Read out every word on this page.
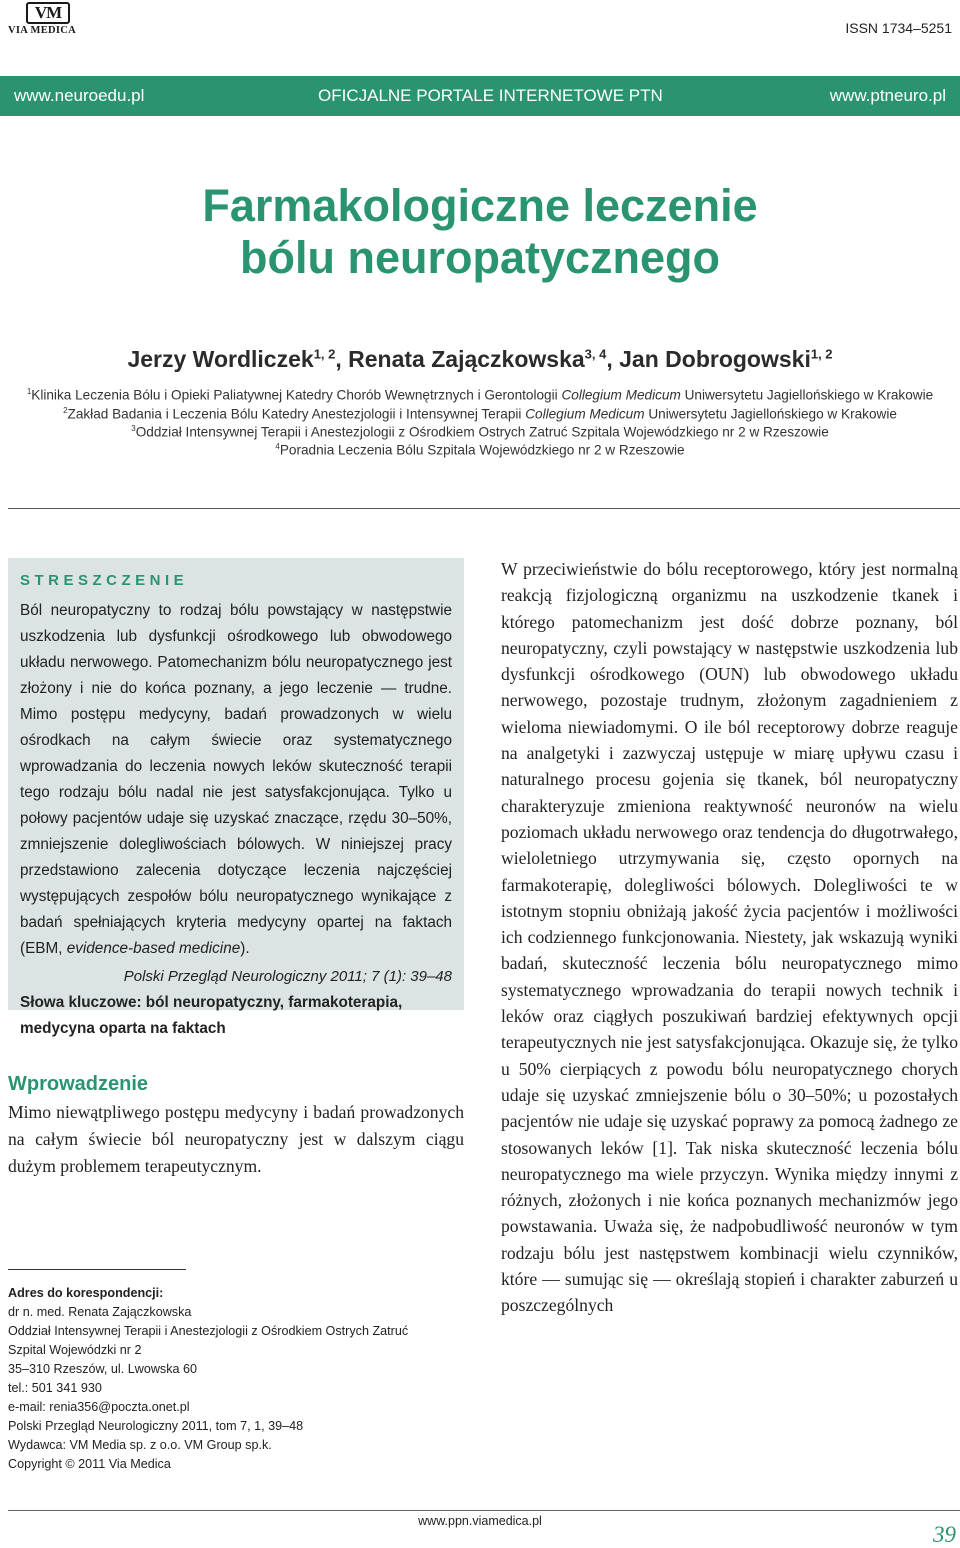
VM
VIA MEDICA	ISSN 1734–5251
www.neuroedu.pl	OFICJALNE PORTALE INTERNETOWE PTN	www.ptneuro.pl
Farmakologiczne leczenie
bólu neuropatycznego
Jerzy Wordliczek$^{1, 2}$, Renata Zajączkowska$^{3, 4}$, Jan Dobrogowski$^{1, 2}$
$^1$Klinika Leczenia Bólu i Opieki Paliatywnej Katedry Chorób Wewnętrznych i Gerontologii Collegium Medicum Uniwersytetu Jagiellońskiego w Krakowie
$^2$Zakład Badania i Leczenia Bólu Katedry Anestezjologii i Intensywnej Terapii Collegium Medicum Uniwersytetu Jagiellońskiego w Krakowie
$^3$Oddział Intensywnej Terapii i Anestezjologii z Ośrodkiem Ostrych Zatruć Szpitala Wojewódzkiego nr 2 w Rzeszowie
$^4$Poradnia Leczenia Bólu Szpitala Wojewódzkiego nr 2 w Rzeszowie
STRESZCZENIE
Ból neuropatyczny to rodzaj bólu powstający w następstwie uszkodzenia lub dysfunkcji ośrodkowego lub obwodowego układu nerwowego. Patomechanizm bólu neuropatycznego jest złożony i nie do końca poznany, a jego leczenie — trudne. Mimo postępu medycyny, badań prowadzonych w wielu ośrodkach na całym świecie oraz systematycznego wprowadzania do leczenia nowych leków skuteczność terapii tego rodzaju bólu nadal nie jest satysfakcjonująca. Tylko u połowy pacjentów udaje się uzyskać znaczące, rzędu 30–50%, zmniejszenie dolegliwościach bólowych. W niniejszej pracy przedstawiono zalecenia dotyczące leczenia najczęściej występujących zespołów bólu neuropatycznego wynikające z badań spełniających kryteria medycyny opartej na faktach (EBM, evidence-based medicine).
Polski Przegląd Neurologiczny 2011; 7 (1): 39–48
Słowa kluczowe: ból neuropatyczny, farmakoterapia, medycyna oparta na faktach
Wprowadzenie
Mimo niewątpliwego postępu medycyny i badań prowadzonych na całym świecie ból neuropatyczny jest w dalszym ciągu dużym problemem terapeutycznym.
Adres do korespondencji:
dr n. med. Renata Zajączkowska
Oddział Intensywnej Terapii i Anestezjologii z Ośrodkiem Ostrych Zatruć
Szpital Wojewódzki nr 2
35–310 Rzeszów, ul. Lwowska 60
tel.: 501 341 930
e-mail: renia356@poczta.onet.pl
Polski Przegląd Neurologiczny 2011, tom 7, 1, 39–48
Wydawca: VM Media sp. z o.o. VM Group sp.k.
Copyright © 2011 Via Medica
W przeciwieństwie do bólu receptorowego, który jest normalną reakcją fizjologiczną organizmu na uszkodzenie tkanek i którego patomechanizm jest dość dobrze poznany, ból neuropatyczny, czyli powstający w następstwie uszkodzenia lub dysfunkcji ośrodkowego (OUN) lub obwodowego układu nerwowego, pozostaje trudnym, złożonym zagadnieniem z wieloma niewiadomymi. O ile ból receptorowy dobrze reaguje na analgetyki i zazwyczaj ustępuje w miarę upływu czasu i naturalnego procesu gojenia się tkanek, ból neuropatyczny charakteryzuje zmieniona reaktywność neuronów na wielu poziomach układu nerwowego oraz tendencja do długotrwałego, wieloletniego utrzymywania się, często opornych na farmakoterapię, dolegliwości bólowych. Dolegliwości te w istotnym stopniu obniżają jakość życia pacjentów i możliwości ich codziennego funkcjonowania. Niestety, jak wskazują wyniki badań, skuteczność leczenia bólu neuropatycznego mimo systematycznego wprowadzania do terapii nowych technik i leków oraz ciągłych poszukiwań bardziej efektywnych opcji terapeutycznych nie jest satysfakcjonująca. Okazuje się, że tylko u 50% cierpiących z powodu bólu neuropatycznego chorych udaje się uzyskać zmniejszenie bólu o 30–50%; u pozostałych pacjentów nie udaje się uzyskać poprawy za pomocą żadnego ze stosowanych leków [1]. Tak niska skuteczność leczenia bólu neuropatycznego ma wiele przyczyn. Wynika między innymi z różnych, złożonych i nie końca poznanych mechanizmów jego powstawania. Uważa się, że nadpobudliwość neuronów w tym rodzaju bólu jest następstwem kombinacji wielu czynników, które — sumując się — określają stopień i charakter zaburzeń u poszczególnych
www.ppn.viamedica.pl
39
